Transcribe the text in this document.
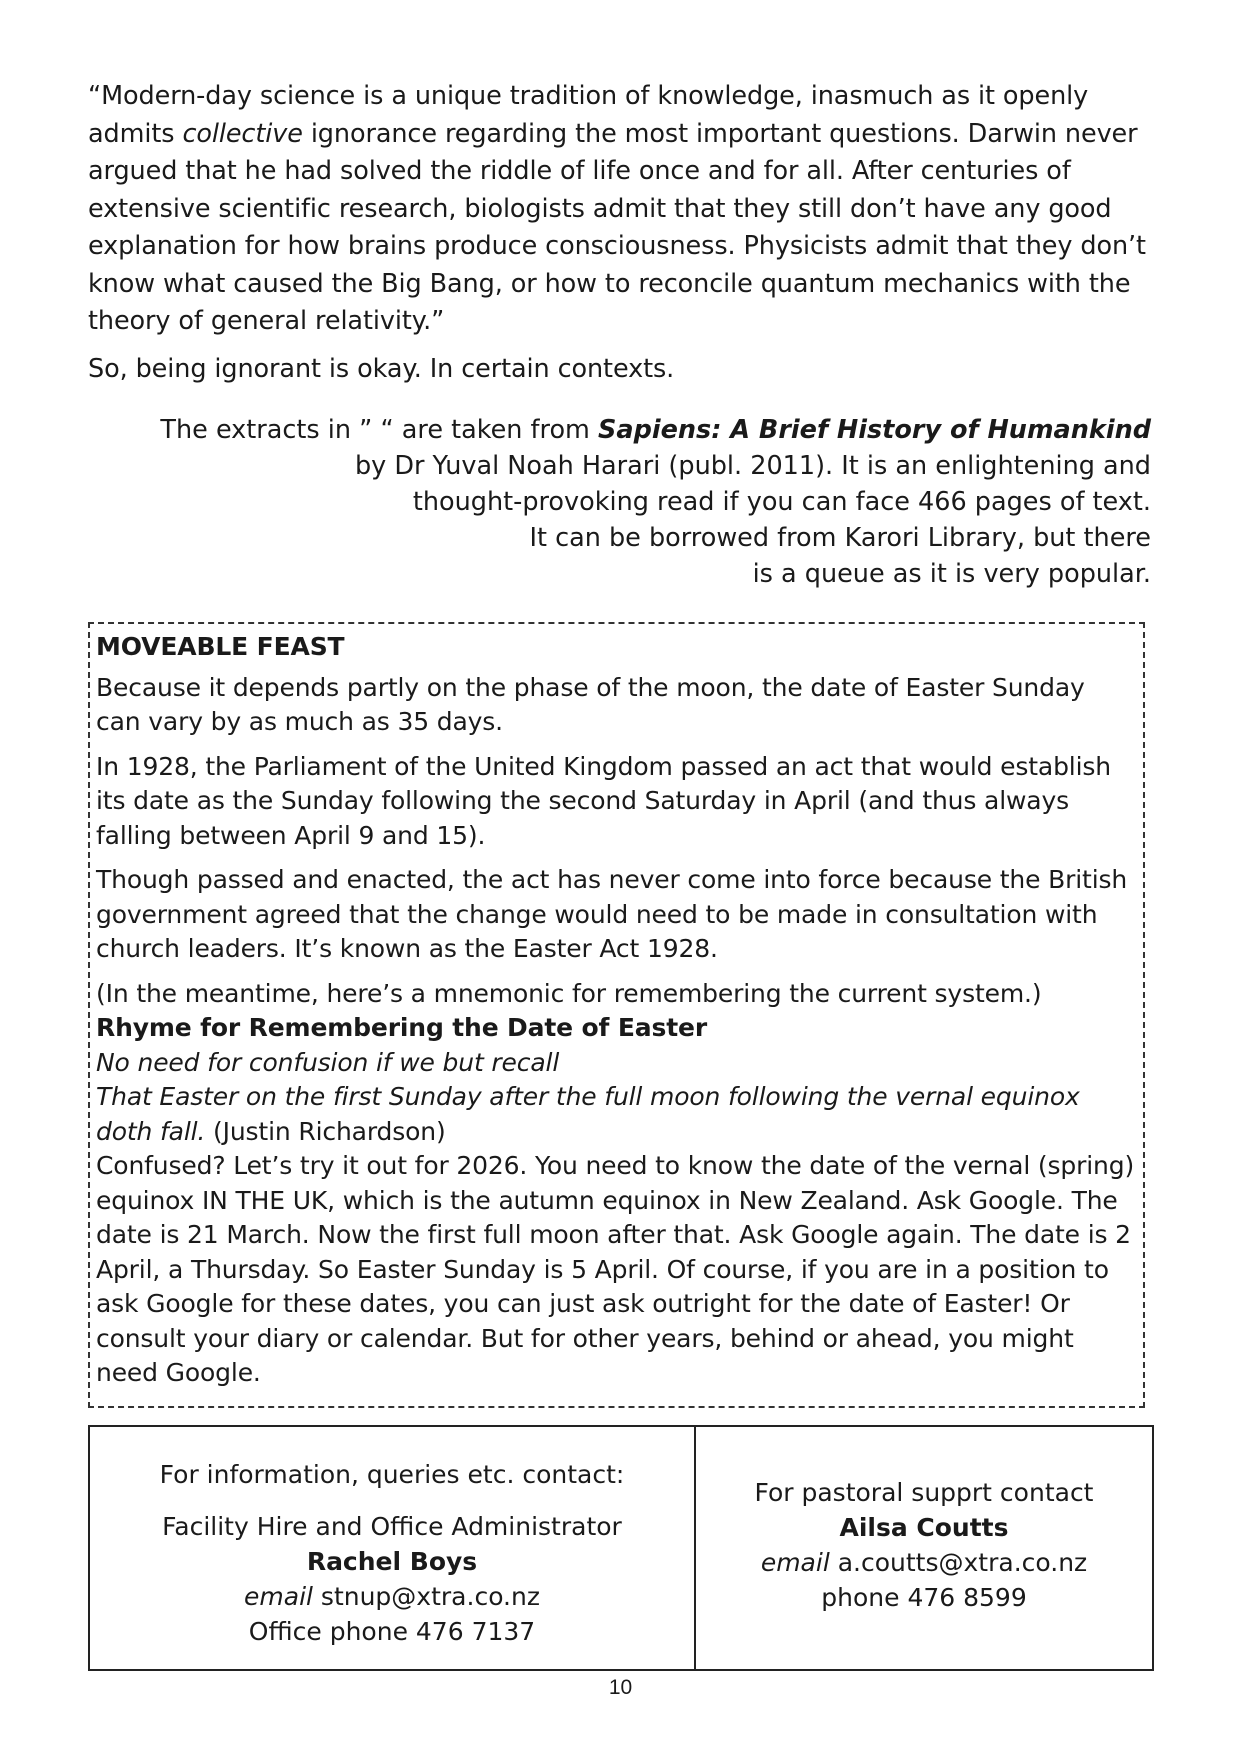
“Modern-day science is a unique tradition of knowledge, inasmuch as it openly admits collective ignorance regarding the most important questions. Darwin never argued that he had solved the riddle of life once and for all. After centuries of extensive scientific research, biologists admit that they still don’t have any good explanation for how brains produce consciousness. Physicists admit that they don’t know what caused the Big Bang, or how to reconcile quantum mechanics with the theory of general relativity.”

So, being ignorant is okay. In certain contexts.

The extracts in ” “ are taken from Sapiens: A Brief History of Humankind
by Dr Yuval Noah Harari (publ. 2011). It is an enlightening and
thought-provoking read if you can face 466 pages of text.
It can be borrowed from Karori Library, but there
is a queue as it is very popular.

MOVEABLE FEAST

Because it depends partly on the phase of the moon, the date of Easter Sunday can vary by as much as 35 days.

In 1928, the Parliament of the United Kingdom passed an act that would establish its date as the Sunday following the second Saturday in April (and thus always falling between April 9 and 15).

Though passed and enacted, the act has never come into force because the British government agreed that the change would need to be made in consultation with church leaders. It’s known as the Easter Act 1928.

(In the meantime, here’s a mnemonic for remembering the current system.)

Rhyme for Remembering the Date of Easter

No need for confusion if we but recall

That Easter on the first Sunday after the full moon following the vernal equinox doth fall. (Justin Richardson)

Confused? Let’s try it out for 2026. You need to know the date of the vernal (spring) equinox IN THE UK, which is the autumn equinox in New Zealand. Ask Google. The date is 21 March. Now the first full moon after that. Ask Google again. The date is 2 April, a Thursday. So Easter Sunday is 5 April. Of course, if you are in a position to ask Google for these dates, you can just ask outright for the date of Easter! Or consult your diary or calendar. But for other years, behind or ahead, you might need Google.

For information, queries etc. contact:
Facility Hire and Office Administrator
Rachel Boys
email stnup@xtra.co.nz
Office phone 476 7137
For pastoral supprt contact
Ailsa Coutts
email a.coutts@xtra.co.nz
phone 476 8599
10
